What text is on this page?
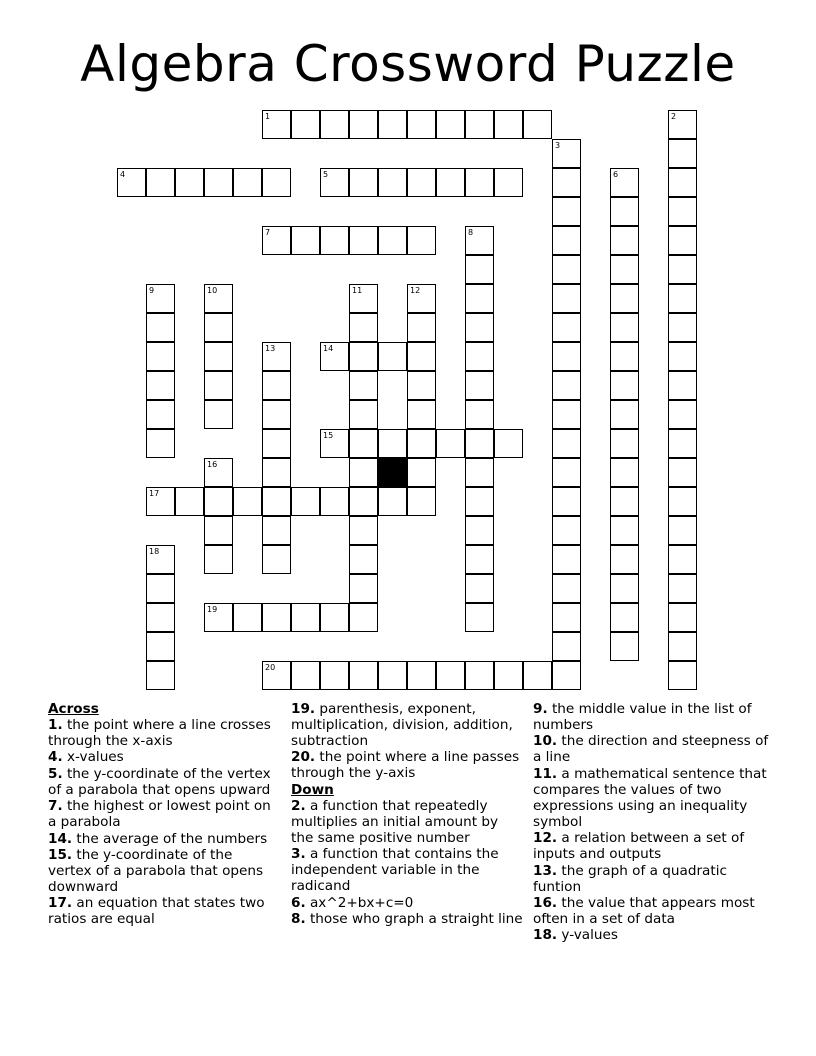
Algebra Crossword Puzzle
1	2
3
4	5	6
7	8
9	10	11	12
13	14
15
16
17
18
19
20
Across
1. the point where a line crosses through the x-axis
4. x-values
5. the y-coordinate of the vertex of a parabola that opens upward
7. the highest or lowest point on a parabola
14. the average of the numbers
15. the y-coordinate of the vertex of a parabola that opens downward
17. an equation that states two ratios are equal
19. parenthesis, exponent, multiplication, division, addition, subtraction
20. the point where a line passes through the y-axis
Down
2. a function that repeatedly multiplies an initial amount by the same positive number
3. a function that contains the independent variable in the radicand
6. ax^2+bx+c=0
8. those who graph a straight line
9. the middle value in the list of numbers
10. the direction and steepness of a line
11. a mathematical sentence that compares the values of two expressions using an inequality symbol
12. a relation between a set of inputs and outputs
13. the graph of a quadratic funtion
16. the value that appears most often in a set of data
18. y-values
